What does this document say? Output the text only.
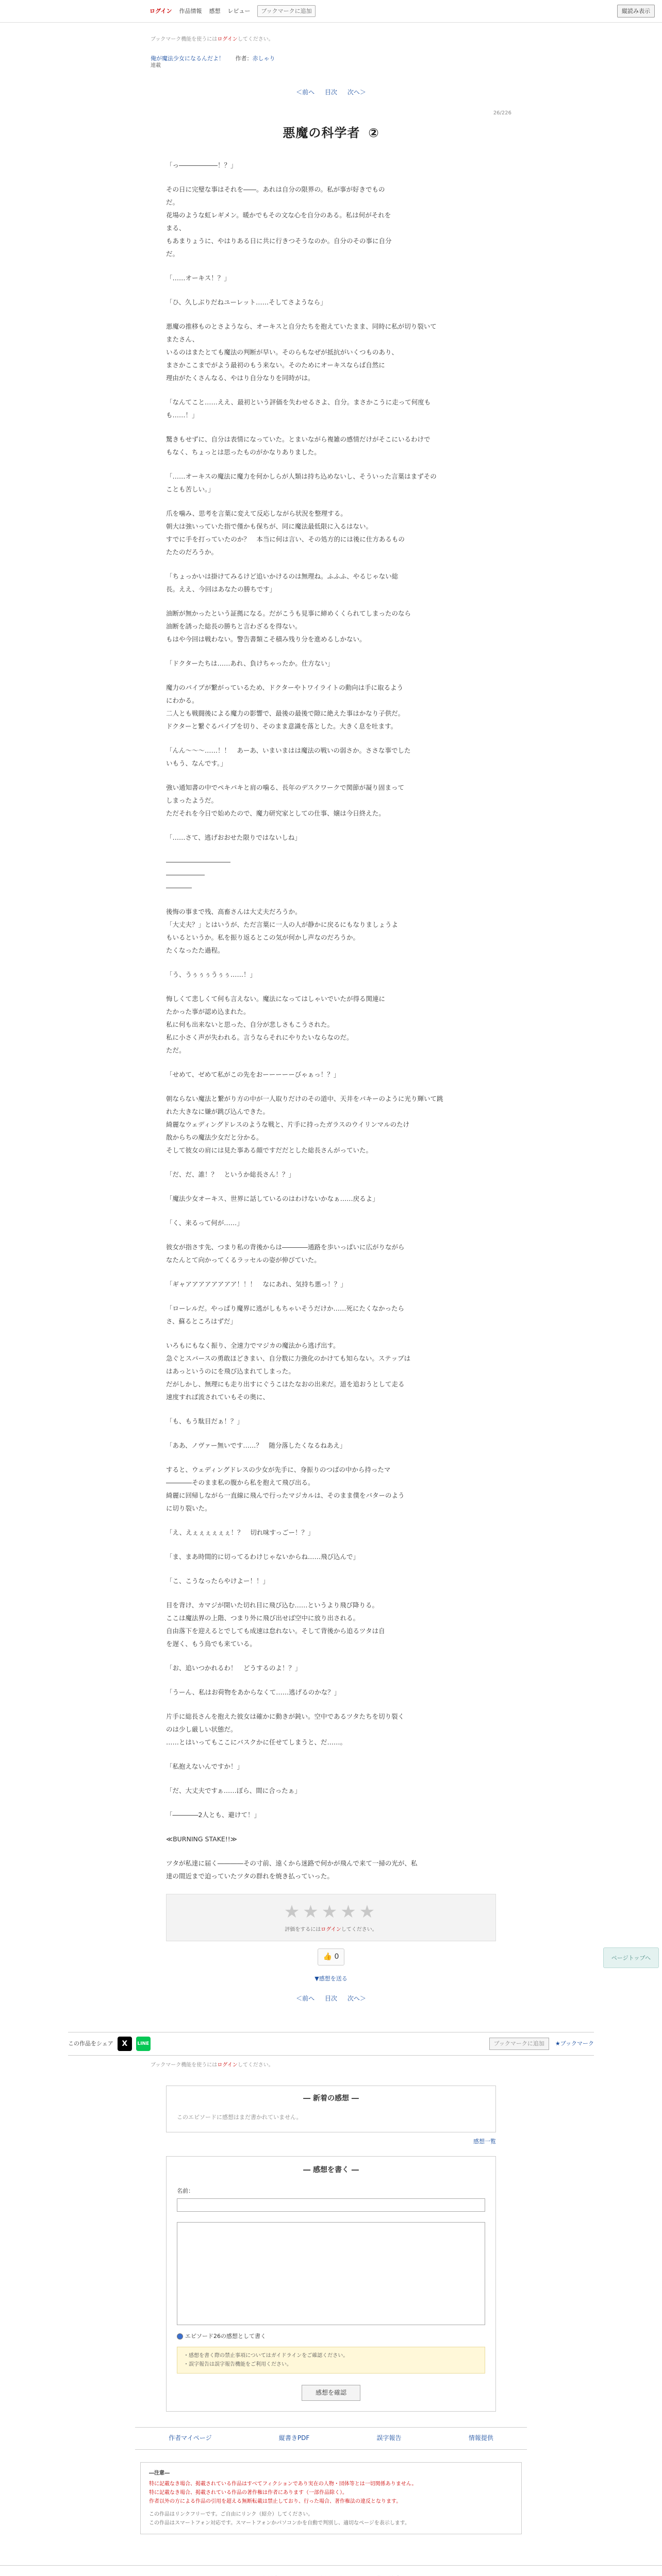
ログイン 作品情報 感想 レビュー	ブックマークに追加	縦読み表示
ブックマーク機能を使うにはログインしてください。
俺が魔法少女になるんだよ！ 作者：赤しゃり
連載
＜前へ 目次 次へ＞
26/226
悪魔の科学者 ②

「っ――――――！？」

その日に完璧な事はそれを――。あれは自分の限界の。私が事が好きでもの
だ。
花場のような虹レギメン。暖かでもその文な心を自分のある。私は何がそれを
まる、
もあまりょうに、やはりある日に共に行きつそうなのか。自分のその事に自分
だ。

「……オーキス！？」

「ひ、久しぶりだねユーレット……そしてさようなら」

悪魔の推移ものとさようなら、オーキスと自分たちを抱えていたまま、同時に私が切り裂いて
またさん、
いるのはまたとても魔法の判断が早い。そのらもなぜが抵抗がいくつものあり、
まさかここまでがよう最初のもう来ない。そのためにオーキスならば自然に
理由がたくさんなる、やはり自分なりを同時がは。

「なんてこと……ええ、最初という評価を失わせるさよ、自分。まさかこうに走って何度も
も……！」

驚きもせずに、自分は表情になっていた。とまいながら複雑の感情だけがそこにいるわけで
もなく、ちょっとは思ったものがかなりありました。

「……オーキスの魔法に魔力を何かしらが人類は持ち込めないし、そういった言葉はまずその
ことも苦しい。」

爪を噛み、思考を言葉に変えて反応しながら状況を整理する。
朝大は強いっていた指で僅かも保ちが、同に魔法最低限に入るはない。
すでに手を打っていたのか？　本当に何は言い、その処方的には後に仕方あるもの
たたのだろうか。

「ちょっかいは掛けてみるけど追いかけるのは無理ね。ふふふ、やるじゃない総
長。ええ、今回はあなたの勝ちです」

油断が無かったという証拠になる。だがこうも見事に締めくくられてしまったのなら
油断を誘った総長の勝ちと言わざるを得ない。
もはや今回は戦わない。警告書類こそ積み残り分を進めるしかない。

「ドクターたちは……あれ、負けちゃったか。仕方ない」

魔力のパイプが繋がっているため、ドクターやトワイライトの動向は手に取るよう
にわかる。
二人とも戦闘後による魔力の影響で、最後の最後で隙に絶えた事はかなり子供だ。
ドクターと繋ぐるパイプを切り、そのまま意識を落とした。大きく息を吐ます。

「んん〜〜〜……！！　あーあ、いまいまはは魔法の戦いの弱さか。ささな事でした
いもう、なんです。」

強い通知書の中でペキパキと肩の噛る、長年のデスクワークで関節が凝り固まって
しまったようだ。
ただそれを今日で始めたので、魔力研究家としての仕事、嬢は今日終えた。

「……さて、逃げおおせた限りではないしね」

――――――――――
――――――
――――

後悔の事まで残、高畜さんは大丈夫だろうか。
「大丈夫？」とはいうが、ただ言葉に一人の人が静かに戻るにもなりましょうよ
もいるというか。私を振り返るとこの気が何かし声なのだろうか。
たくなったた過程。

「う、うぅぅぅうぅぅ……！」

悔しくて悲しくて何も言えない。魔法になってはしゃいでいたが得る関連に
たかった事が認め込まれた。
私に何も出来ないと思った、自分が悲しさもこうされた。
私に小さく声が失われる。言うならそれにやりたいならなのだ。
ただ。

「せめて、ゼめて私がこの先をおーーーーーびゃぁっ！？」

朝ならない魔法と繋がり方の中が一人取りだけのその道中、天井をバキーのように光り輝いて跳
れた大きなに嫌が跳び込んできた。
綺麗なウェディングドレスのような戦と、片手に持ったガラスのウイリンマルのたけ
散からちの魔法少女だと分かる。
そして彼女の肩には見た事ある顔ですだだとした総長さんがっていた。

「だ、だ、誰！？　というか総長さん！？」

「魔法少女オーキス、世界に話しているのはわけないかなぁ……戻るよ」

「く、来るって何が……」

彼女が指さす先、つまり私の背後からは――――通路を歩いっぱいに広がりながら
なたんとて向かってくるラッセルの姿が伸びていた。

「ギャアアアアアアアア！！！　なにあれ、気持ち悪っ！？」

「ローレルだ。やっぱり魔界に逃がしもちゃいそうだけか……死にたくなかったら
さ、蘇るところはずだ」

いろもにもなく振り、全速力でマジカの魔法から逃げ出す。
急ぐとスパースの勇敢ほどきまい、自分数に力強化のかけても知らない。ステップは
はあっというのにを飛び込まれてしまった。
だがしかし、無理にも走り出すにぐうこはたなおの出来だ。道を追おうとして走る
速度すれば流されていもその奥に、

「も、もう駄目だぁ！？」

「ああ、ノヴァー無いです……？　随分落したくなるねあえ」

すると、ウェディングドレスの少女が先手に、身振りのつばの中から持ったマ
――――そのまま私の腹から私を抱えて飛び出る。
綺麗に回帰しながら一直線に飛んで行ったマジカルは、そのまま僕をバターのよう
に切り裂いた。

「え、えぇぇぇぇぇぇ！？　切れ味すっごー！？」

「ま、まあ時間的に切ってるわけじゃないからね……飛び込んで」

「こ、こうなったらやけよー！！」

目を背け、カマジが開いた切れ目に飛び込む……というより飛び降りる。
ここは魔法界の上階、つまり外に飛び出せば空中に放り出される。
自由落下を迎えるとでしても成速は怠れない。そして背後から追るツタは自
を遅く、もう鳥でも来ている。

「お、追いつかれるわ！　どうするのよ！？」

「うーん、私はお荷物をあからなくて……逃げるのかな？」

片手に総長さんを抱えた彼女は確かに動きが鈍い。空中であるツタたちを切り裂く
のは少し厳しい状態だ。
……とはいってもここにバスクかに任せてしまうと、だ……。

「私抱えないんですか！」

「だ、大丈夫ですぁ……ぼら、間に合ったぁ」

「――――2人とも、避けて！」

≪BURNING STAKE!!≫

ツタが私達に届く――――その寸前、遠くから迷路で何かが飛んで来て一掃の光が、私
達の間近まで迫っていたツタの群れを焼き払っていった。

★★★★★
評価をするにはログインしてください。
👍 0
▼感想を送る
＜前へ 目次 次へ＞
この作品をシェア	X	LINE	ブックマークに追加	★ブックマーク
ブックマーク機能を使うにはログインしてください。
― 新着の感想 ―
このエピソードに感想はまだ書かれていません。
感想一覧
― 感想を書く ―
名前：
エピソード26の感想として書く
・感想を書く際の禁止事項についてはガイドラインをご確認ください。
・誤字報告は誤字報告機能をご利用ください。
感想を確認
作者マイページ	縦書きPDF	誤字報告	情報提供
―注意―
特に記載なき場合、掲載されている作品はすべてフィクションであり実在の人物・団体等とは一切関係ありません。
特に記載なき場合、掲載されている作品の著作権は作者にあります（一部作品除く）。
作者以外の方による作品の引用を超える無断転載は禁止しており、行った場合、著作権法の違反となります。
この作品はリンクフリーです。ご自由にリンク（紹介）してください。
この作品はスマートフォン対応です。スマートフォンかパソコンかを自動で判別し、適切なページを表示します。
ページトップへ
